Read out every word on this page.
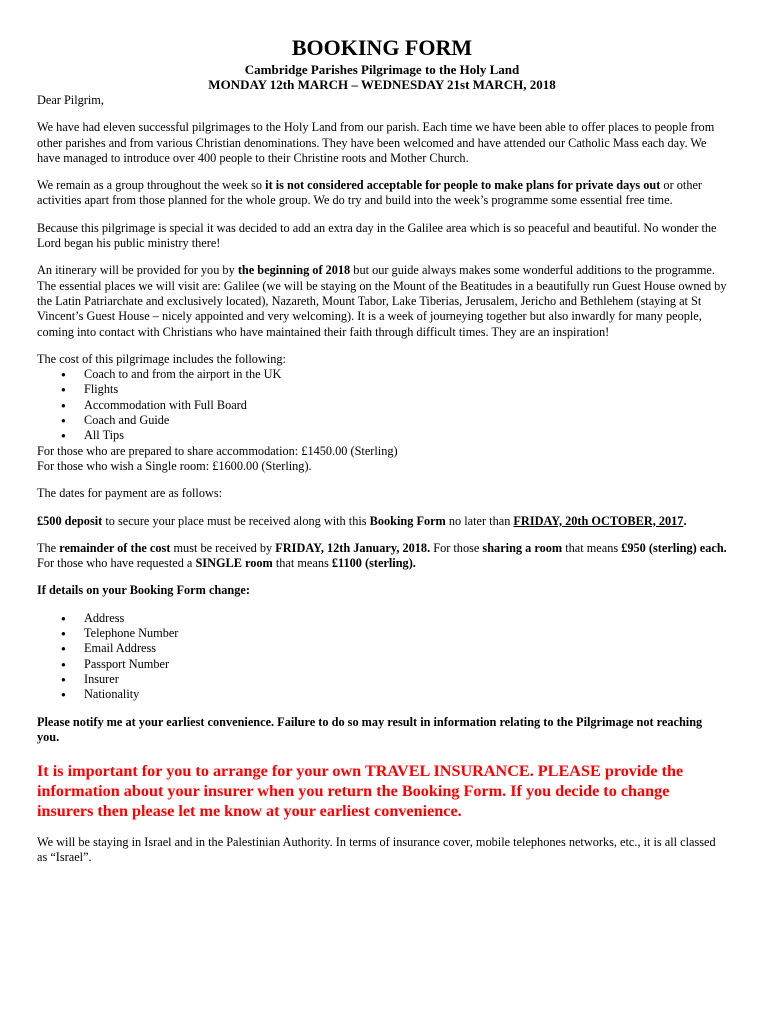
BOOKING FORM

Cambridge Parishes Pilgrimage to the Holy Land

MONDAY 12th MARCH – WEDNESDAY 21st MARCH, 2018

Dear Pilgrim,

We have had eleven successful pilgrimages to the Holy Land from our parish. Each time we have been able to offer places to people from other parishes and from various Christian denominations. They have been welcomed and have attended our Catholic Mass each day. We have managed to introduce over 400 people to their Christine roots and Mother Church.

We remain as a group throughout the week so it is not considered acceptable for people to make plans for private days out or other activities apart from those planned for the whole group. We do try and build into the week’s programme some essential free time.

Because this pilgrimage is special it was decided to add an extra day in the Galilee area which is so peaceful and beautiful. No wonder the Lord began his public ministry there!

An itinerary will be provided for you by the beginning of 2018 but our guide always makes some wonderful additions to the programme. The essential places we will visit are: Galilee (we will be staying on the Mount of the Beatitudes in a beautifully run Guest House owned by the Latin Patriarchate and exclusively located), Nazareth, Mount Tabor, Lake Tiberias, Jerusalem, Jericho and Bethlehem (staying at St Vincent’s Guest House – nicely appointed and very welcoming). It is a week of journeying together but also inwardly for many people, coming into contact with Christians who have maintained their faith through difficult times. They are an inspiration!

The cost of this pilgrimage includes the following:

● Coach to and from the airport in the UK
● Flights
● Accommodation with Full Board
● Coach and Guide
● All Tips

For those who are prepared to share accommodation: £1450.00 (Sterling)

For those who wish a Single room: £1600.00 (Sterling).

The dates for payment are as follows:

£500 deposit to secure your place must be received along with this Booking Form no later than FRIDAY, 20th OCTOBER, 2017.

The remainder of the cost must be received by FRIDAY, 12th January, 2018. For those sharing a room that means £950 (sterling) each. For those who have requested a SINGLE room that means £1100 (sterling).

If details on your Booking Form change:

● Address
● Telephone Number
● Email Address
● Passport Number
● Insurer
● Nationality

Please notify me at your earliest convenience. Failure to do so may result in information relating to the Pilgrimage not reaching you.

It is important for you to arrange for your own TRAVEL INSURANCE. PLEASE provide the information about your insurer when you return the Booking Form. If you decide to change insurers then please let me know at your earliest convenience.

We will be staying in Israel and in the Palestinian Authority. In terms of insurance cover, mobile telephones networks, etc., it is all classed as “Israel”.
